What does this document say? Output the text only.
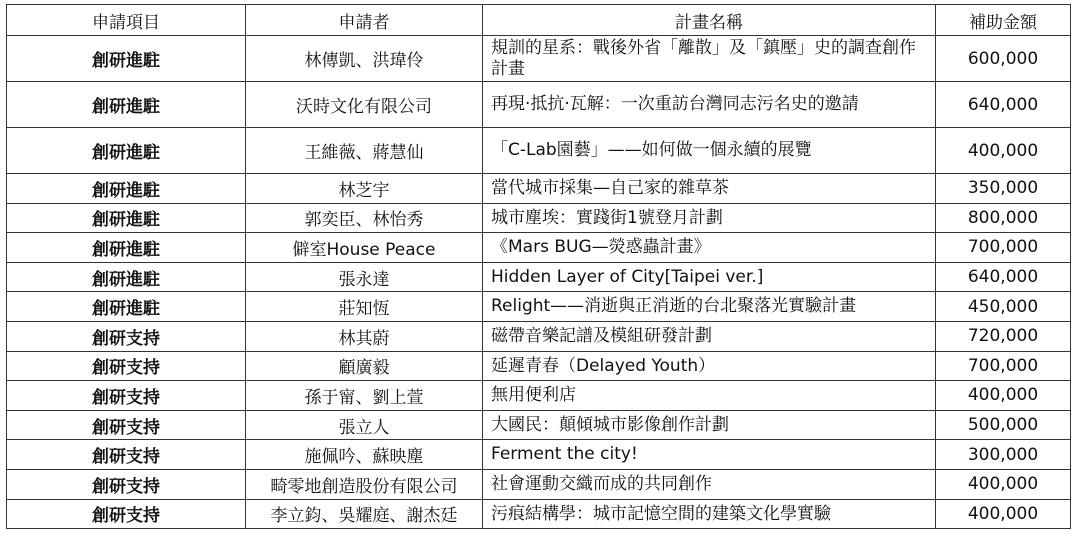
申請項目	申請者	計畫名稱	補助金額
創研進駐	林傳凱、洪瑋伶	規訓的星系：戰後外省「離散」及「鎮壓」史的調查創作計畫	600,000
創研進駐	沃時文化有限公司	再現‧抵抗‧瓦解：一次重訪台灣同志污名史的邀請	640,000
創研進駐	王維薇、蔣慧仙	「C-Lab園藝」——如何做一個永續的展覽	400,000
創研進駐	林芝宇	當代城市採集—自己家的雜草茶	350,000
創研進駐	郭奕臣、林怡秀	城市塵埃：實踐街1號登月計劃	800,000
創研進駐	僻室House Peace	《Mars BUG—熒惑蟲計畫》	700,000
創研進駐	張永達	Hidden Layer of City[Taipei ver.]	640,000
創研進駐	莊知恆	Relight——消逝與正消逝的台北聚落光實驗計畫	450,000
創研支持	林其蔚	磁帶音樂記譜及模組研發計劃	720,000
創研支持	顧廣毅	延遲青春（Delayed Youth）	700,000
創研支持	孫于甯、劉上萱	無用便利店	400,000
創研支持	張立人	大國民：顛傾城市影像創作計劃	500,000
創研支持	施佩吟、蘇映塵	Ferment the city!	300,000
創研支持	畸零地創造股份有限公司	社會運動交織而成的共同創作	400,000
創研支持	李立鈞、吳耀庭、謝杰廷	污痕結構學：城市記憶空間的建築文化學實驗	400,000
